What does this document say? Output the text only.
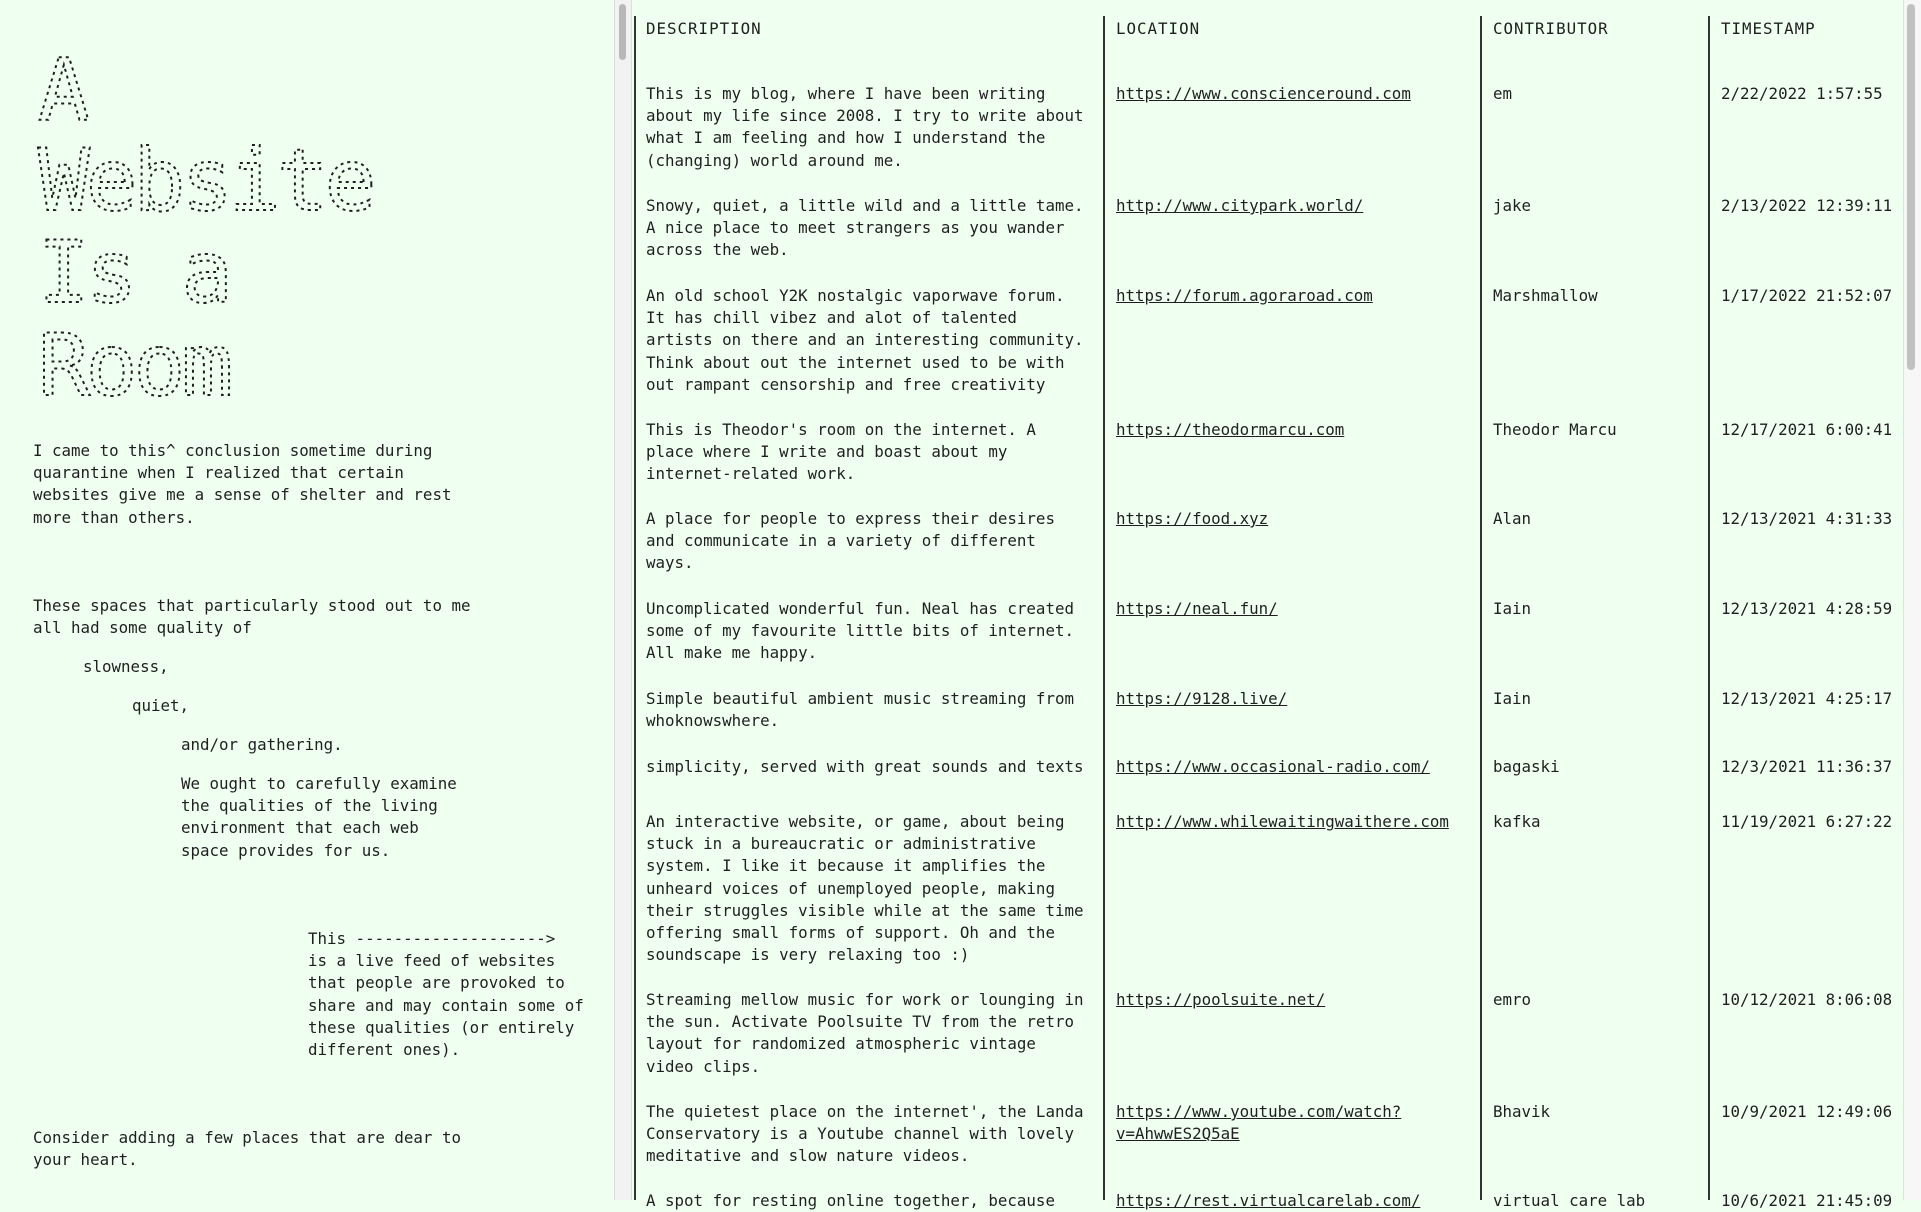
A
Website
Is a
Room
I came to this^ conclusion sometime during
quarantine when I realized that certain
websites give me a sense of shelter and rest
more than others.
These spaces that particularly stood out to me
all had some quality of
slowness,
quiet,
and/or gathering.
We ought to carefully examine
the qualities of the living
environment that each web
space provides for us.
This -------------------->
is a live feed of websites
that people are provoked to
share and may contain some of
these qualities (or entirely
different ones).
Consider adding a few places that are dear to
your heart.
DESCRIPTION	LOCATION	CONTRIBUTOR	TIMESTAMP
This is my blog, where I have been writing
about my life since 2008. I try to write about
what I am feeling and how I understand the
(changing) world around me.
https://www.conscienceround.com	em	2/22/2022 1:57:55
Snowy, quiet, a little wild and a little tame.
A nice place to meet strangers as you wander
across the web.
http://www.citypark.world/	jake	2/13/2022 12:39:11
An old school Y2K nostalgic vaporwave forum.
It has chill vibez and alot of talented
artists on there and an interesting community.
Think about out the internet used to be with
out rampant censorship and free creativity
https://forum.agoraroad.com	Marshmallow	1/17/2022 21:52:07
This is Theodor's room on the internet. A
place where I write and boast about my
internet-related work.
https://theodormarcu.com	Theodor Marcu	12/17/2021 6:00:41
A place for people to express their desires
and communicate in a variety of different
ways.
https://food.xyz	Alan	12/13/2021 4:31:33
Uncomplicated wonderful fun. Neal has created
some of my favourite little bits of internet.
All make me happy.
https://neal.fun/	Iain	12/13/2021 4:28:59
Simple beautiful ambient music streaming from
whoknowswhere.
https://9128.live/	Iain	12/13/2021 4:25:17
simplicity, served with great sounds and texts https://www.occasional-radio.com/	bagaski	12/3/2021 11:36:37
An interactive website, or game, about being
stuck in a bureaucratic or administrative
system. I like it because it amplifies the
unheard voices of unemployed people, making
their struggles visible while at the same time
offering small forms of support. Oh and the
soundscape is very relaxing too :)
http://www.whilewaitingwaithere.com	kafka	11/19/2021 6:27:22
Streaming mellow music for work or lounging in
the sun. Activate Poolsuite TV from the retro
layout for randomized atmospheric vintage
video clips.
https://poolsuite.net/	emro	10/12/2021 8:06:08
The quietest place on the internet', the Landa
Conservatory is a Youtube channel with lovely
meditative and slow nature videos.
https://www.youtube.com/watch?
v=AhwwES2Q5aE
Bhavik	10/9/2021 12:49:06
A spot for resting online together, because	https://rest.virtualcarelab.com/	virtual care lab	10/6/2021 21:45:09
